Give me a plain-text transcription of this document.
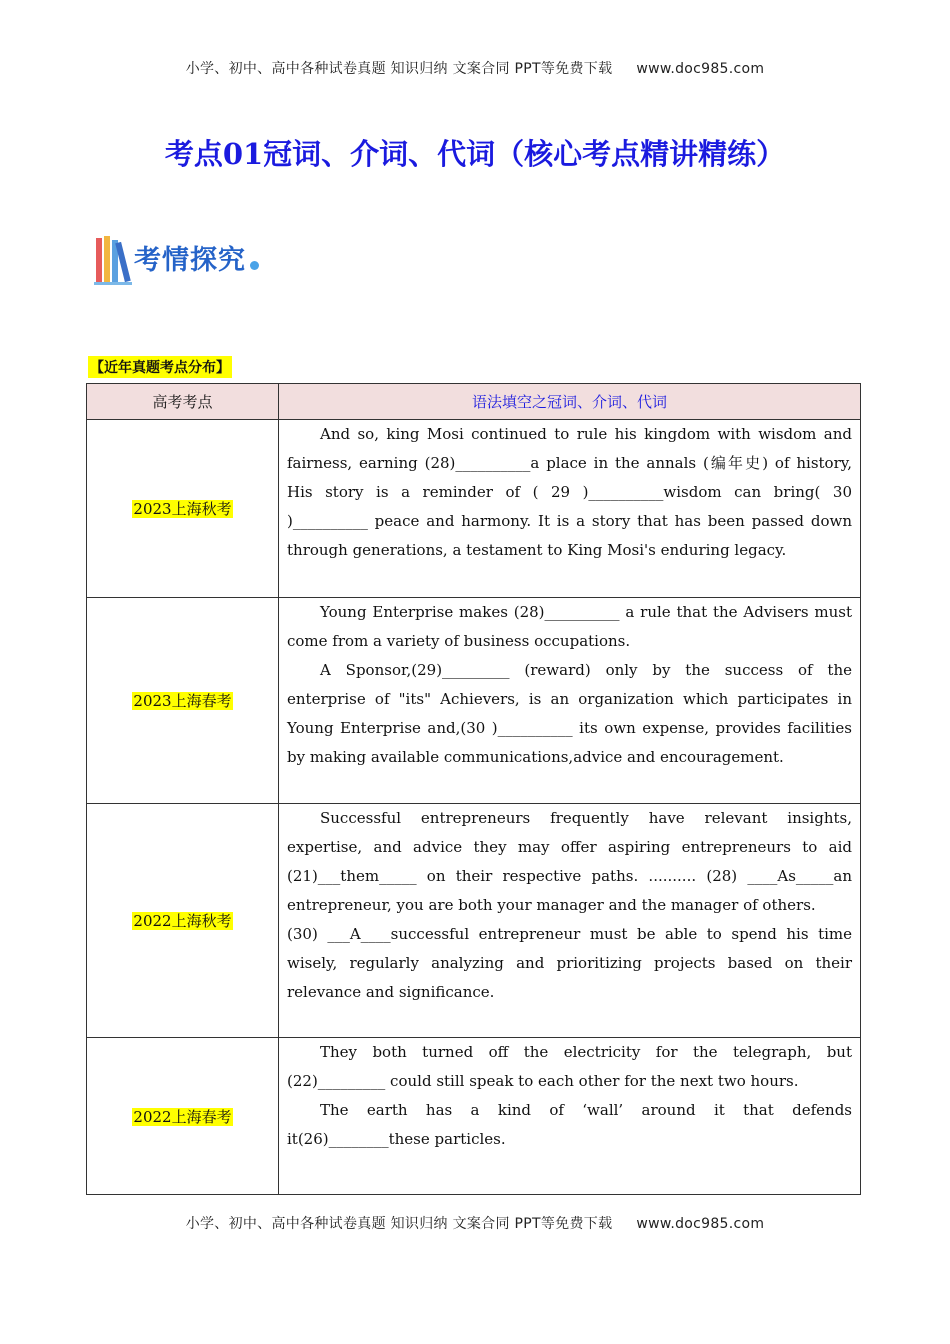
小学、初中、高中各种试卷真题 知识归纳 文案合同 PPT等免费下载 www.doc985.com
考点01冠词、介词、代词（核心考点精讲精练）
考情探究
【近年真题考点分布】
高考考点	语法填空之冠词、介词、代词
2023上海秋考	And so, king Mosi continued to rule his kingdom with wisdom and fairness, earning (28)__________a place in the annals (编年史) of history, His story is a reminder of ( 29 )__________wisdom can bring( 30 )__________ peace and harmony. It is a story that has been passed down through generations, a testament to King Mosi's enduring legacy.

2023上海春考	Young Enterprise makes (28)__________ a rule that the Advisers must come from a variety of business occupations.

A Sponsor,(29)_________ (reward) only by the success of the enterprise of "its" Achievers, is an organization which participates in Young Enterprise and,(30 )__________ its own expense, provides facilities by making available communications,advice and encouragement.

2022上海秋考	Successful entrepreneurs frequently have relevant insights, expertise, and advice they may offer aspiring entrepreneurs to aid (21)___them_____ on their respective paths. .......... (28) ____As_____an entrepreneur, you are both your manager and the manager of others.

(30) ___A____successful entrepreneur must be able to spend his time wisely, regularly analyzing and prioritizing projects based on their relevance and significance.

2022上海春考	They both turned off the electricity for the telegraph, but (22)_________ could still speak to each other for the next two hours.

The earth has a kind of ‘wall’ around it that defends it(26)________these particles.

小学、初中、高中各种试卷真题 知识归纳 文案合同 PPT等免费下载 www.doc985.com
